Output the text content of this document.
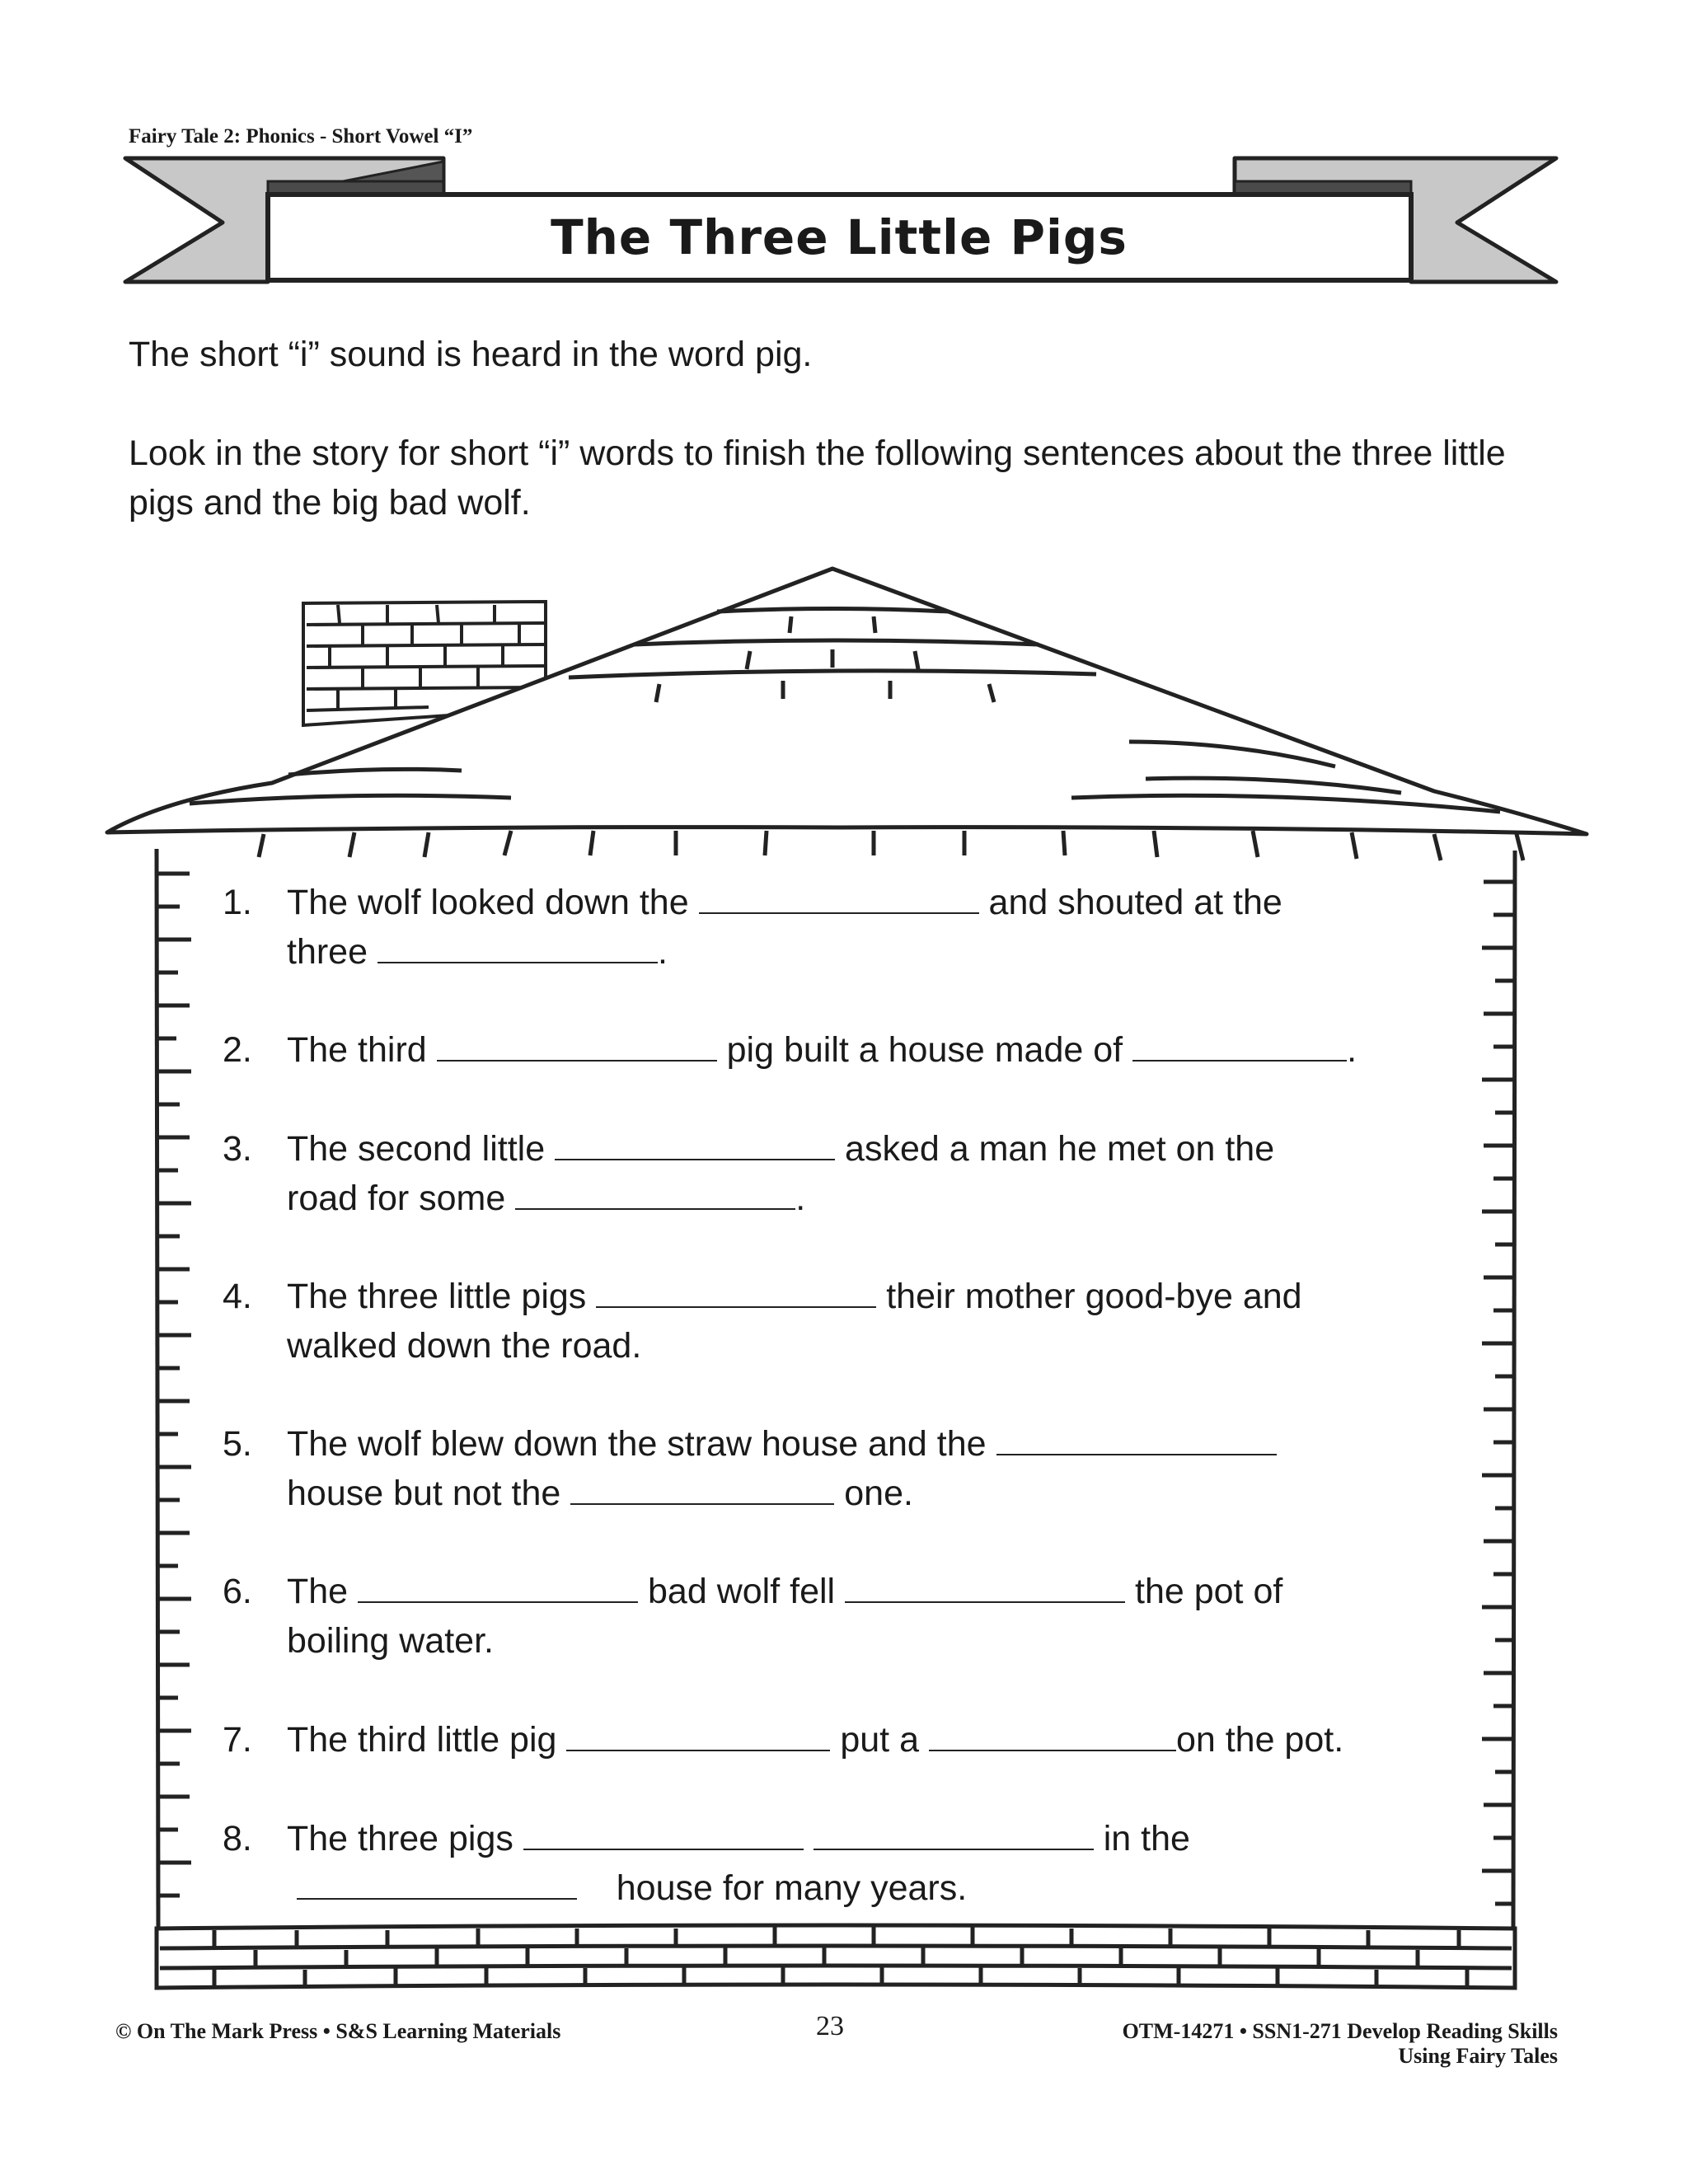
Fairy Tale 2: Phonics - Short Vowel “I”
The Three Little Pigs
The short “i” sound is heard in the word pig.
Look in the story for short “i” words to finish the following sentences about the three little pigs and the big bad wolf.
1. The wolf looked down the	and shouted at the
three	.
2. The third	pig built a house made of	.
3. The second little	asked a man he met on the
road for some	.
4. The three little pigs	their mother good-bye and
walked down the road.
5. The wolf blew down the straw house and the
house but not the	one.
6. The	bad wolf fell	the pot of
boiling water.
7. The third little pig	put a	on the pot.
8. The three pigs	in the
house for many years.
© On The Mark Press • S&S Learning Materials	23	OTM-14271 • SSN1-271 Develop Reading Skills
Using Fairy Tales
